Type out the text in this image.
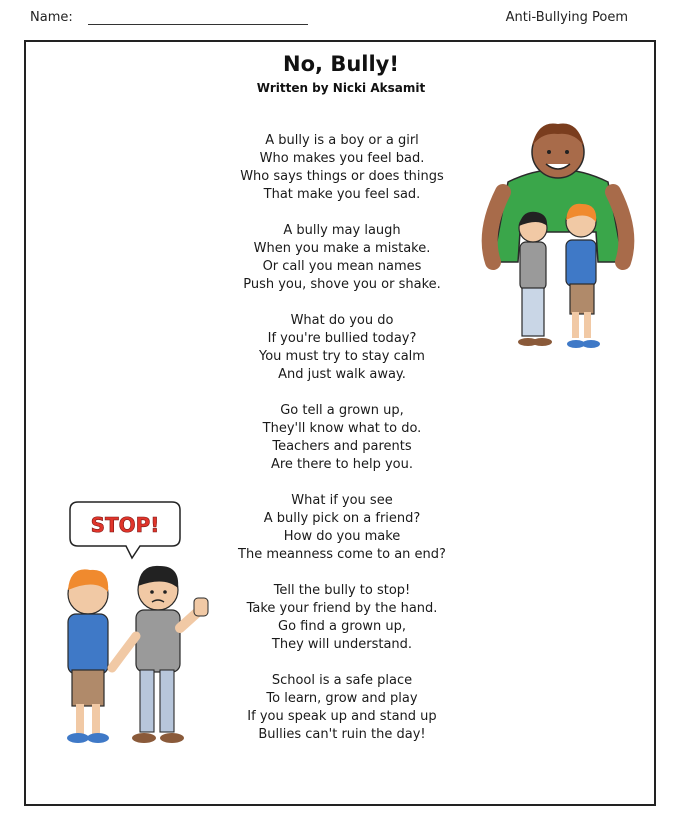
Name:	Anti-Bullying Poem
No, Bully!
Written by Nicki Aksamit
A bully is a boy or a girl
Who makes you feel bad.
Who says things or does things
That make you feel sad.
A bully may laugh
When you make a mistake.
Or call you mean names
Push you, shove you or shake.
What do you do
If you're bullied today?
You must try to stay calm
And just walk away.
Go tell a grown up,
They'll know what to do.
Teachers and parents
Are there to help you.
What if you see
A bully pick on a friend?
How do you make
The meanness come to an end?
Tell the bully to stop!
Take your friend by the hand.
Go find a grown up,
They will understand.
School is a safe place
To learn, grow and play
If you speak up and stand up
Bullies can't ruin the day!
STOP!
